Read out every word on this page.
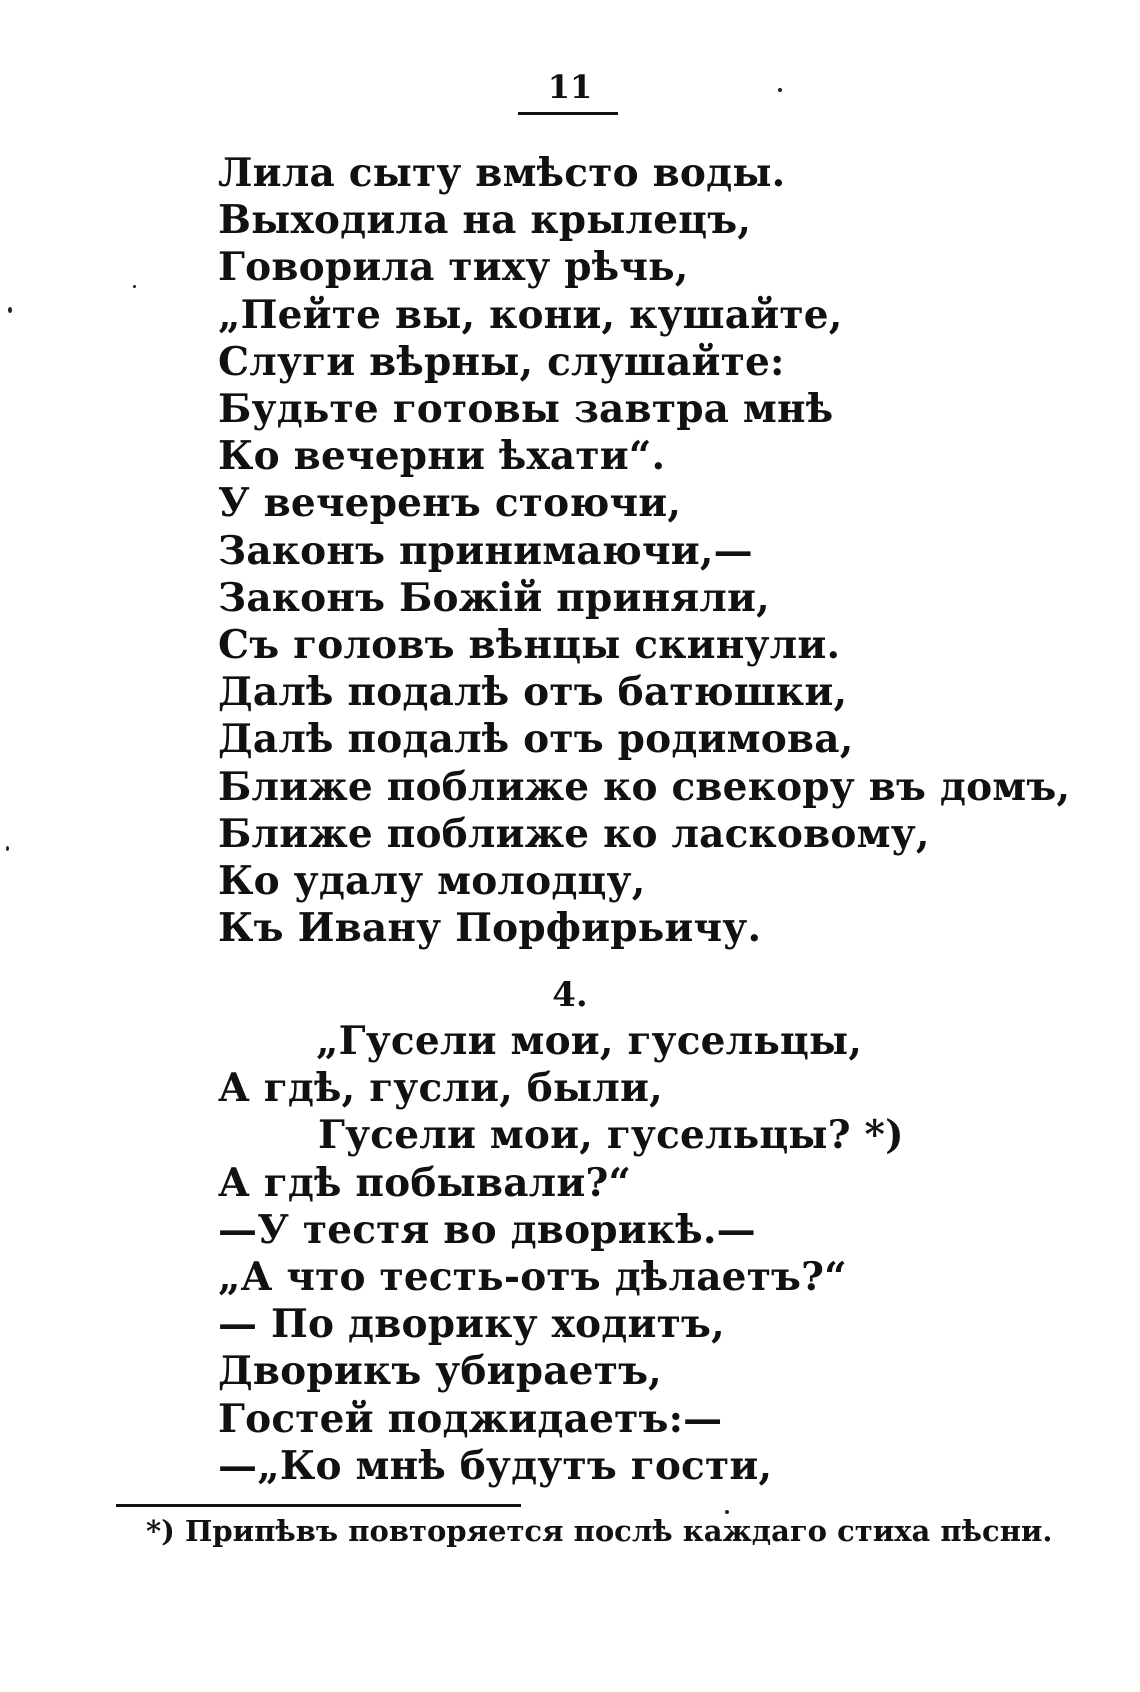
11
Лила сыту вмѣсто воды.
Выходила на крылецъ,
Говорила тиху рѣчь,
„Пейте вы, кони, кушайте,
Слуги вѣрны, слушайте:
Будьте готовы завтра мнѣ
Ко вечерни ѣхати“.
У вечеренъ стоючи,
Законъ принимаючи,—
Законъ Божій приняли,
Съ головъ вѣнцы скинули.
Далѣ подалѣ отъ батюшки,
Далѣ подалѣ отъ родимова,
Ближе поближе ко свекору въ домъ,
Ближе поближе ко ласковому,
Ко удалу молодцу,
Къ Ивану Порфирьичу.
4.
„Гусели мои, гусельцы,
А гдѣ, гусли, были,
Гусели мои, гусельцы? *)
А гдѣ побывали?“
—У тестя во дворикѣ.—
„А что тесть-отъ дѣлаетъ?“
— По дворику ходитъ,
Дворикъ убираетъ,
Гостей поджидаетъ:—
—„Ко мнѣ будутъ гости,
*) Припѣвъ повторяется послѣ каждаго стиха пѣсни.
